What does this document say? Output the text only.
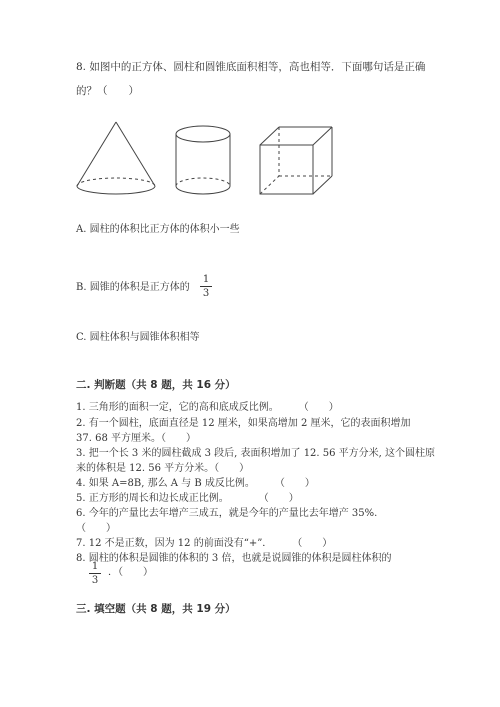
8. 如图中的正方体、圆柱和圆锥底面积相等，高也相等．下面哪句话是正确
的？（　　）
A. 圆柱的体积比正方体的体积小一些
B. 圆锥的体积是正方体的
1
3
C. 圆柱体积与圆锥体积相等
二. 判断题（共 8 题，共 16 分）
1. 三角形的面积一定，它的高和底成反比例。　　　（　　）
2. 有一个圆柱，底面直径是 12 厘米，如果高增加 2 厘米，它的表面积增加
37. 68 平方厘米。（　　）
3. 把一个长 3 米的圆柱截成 3 段后, 表面积增加了 12. 56 平方分米, 这个圆柱原
来的体积是 12. 56 平方分米。（　　）
4. 如果 A=8B, 那么 A 与 B 成反比例。　　　（　　）
5. 正方形的周长和边长成正比例。　　　　（　　）
6. 今年的产量比去年增产三成五，就是今年的产量比去年增产 35%.
（　　）
7. 12 不是正数，因为 12 的前面没有“+”．　　　（　　）
8. 圆柱的体积是圆锥的体积的 3 倍，也就是说圆锥的体积是圆柱体积的
1
3
．（　　）
三. 填空题（共 8 题，共 19 分）
